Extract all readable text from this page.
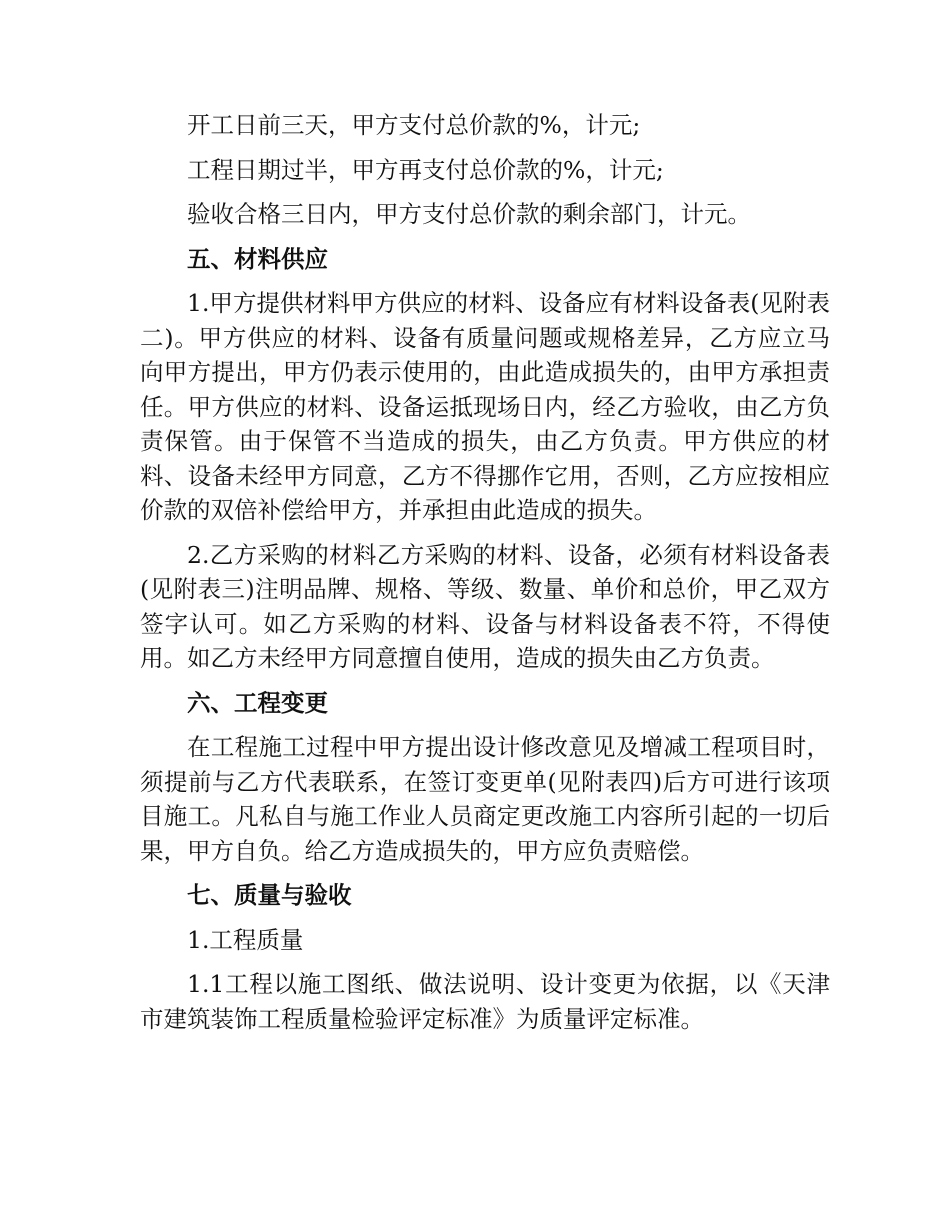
开工日前三天，甲方支付总价款的%，计元;

工程日期过半，甲方再支付总价款的%，计元;

验收合格三日内，甲方支付总价款的剩余部门，计元。

五、材料供应

1.甲方提供材料甲方供应的材料、设备应有材料设备表(见附表二)。甲方供应的材料、设备有质量问题或规格差异，乙方应立马向甲方提出，甲方仍表示使用的，由此造成损失的，由甲方承担责任。甲方供应的材料、设备运抵现场日内，经乙方验收，由乙方负责保管。由于保管不当造成的损失，由乙方负责。甲方供应的材料、设备未经甲方同意，乙方不得挪作它用，否则，乙方应按相应价款的双倍补偿给甲方，并承担由此造成的损失。

2.乙方采购的材料乙方采购的材料、设备，必须有材料设备表(见附表三)注明品牌、规格、等级、数量、单价和总价，甲乙双方签字认可。如乙方采购的材料、设备与材料设备表不符，不得使用。如乙方未经甲方同意擅自使用，造成的损失由乙方负责。

六、工程变更

在工程施工过程中甲方提出设计修改意见及增减工程项目时，须提前与乙方代表联系，在签订变更单(见附表四)后方可进行该项目施工。凡私自与施工作业人员商定更改施工内容所引起的一切后果，甲方自负。给乙方造成损失的，甲方应负责赔偿。

七、质量与验收

1.工程质量

1.1工程以施工图纸、做法说明、设计变更为依据，以《天津市建筑装饰工程质量检验评定标准》为质量评定标准。
